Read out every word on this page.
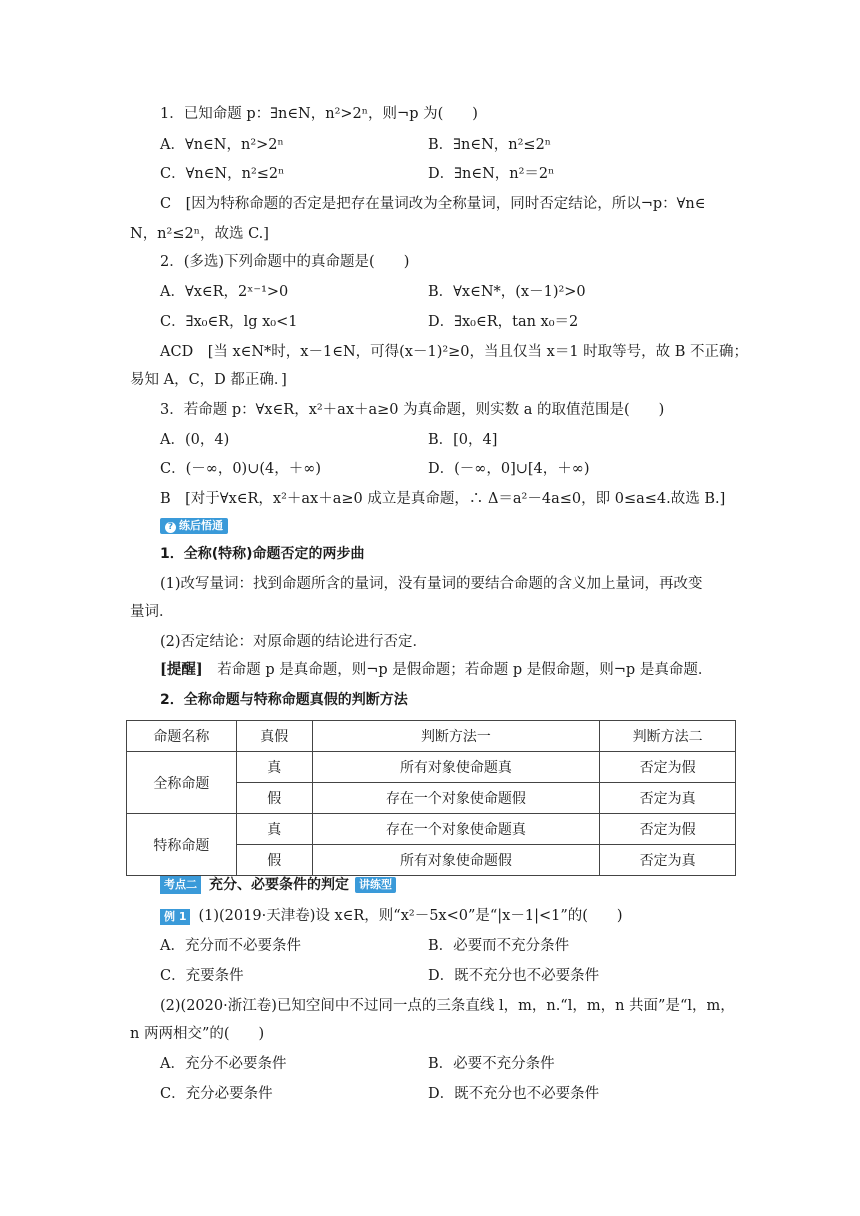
1．已知命题 p：∃n∈N，n²>2ⁿ，则¬p 为(　　)
A．∀n∈N，n²>2ⁿ	B．∃n∈N，n²≤2ⁿ
C．∀n∈N，n²≤2ⁿ	D．∃n∈N，n²＝2ⁿ
C　[因为特称命题的否定是把存在量词改为全称量词，同时否定结论，所以¬p：∀n∈
N，n²≤2ⁿ，故选 C.]
2．(多选)下列命题中的真命题是(　　)
A．∀x∈R，2ˣ⁻¹>0	B．∀x∈N*，(x－1)²>0
C．∃x₀∈R，lg x₀<1	D．∃x₀∈R，tan x₀＝2
ACD　[当 x∈N*时，x－1∈N，可得(x－1)²≥0，当且仅当 x＝1 时取等号，故 B 不正确；
易知 A，C，D 都正确．]
3．若命题 p：∀x∈R，x²＋ax＋a≥0 为真命题，则实数 a 的取值范围是(　　)
A．(0，4)	B．[0，4]
C．(－∞，0)∪(4，＋∞)	D．(－∞，0]∪[4，＋∞)
B　[对于∀x∈R，x²＋ax＋a≥0 成立是真命题，∴ Δ＝a²－4a≤0，即 0≤a≤4.故选 B.]
? 练后悟通
1．全称(特称)命题否定的两步曲
(1)改写量词：找到命题所含的量词，没有量词的要结合命题的含义加上量词，再改变
量词．
(2)否定结论：对原命题的结论进行否定．
[提醒]　若命题 p 是真命题，则¬p 是假命题；若命题 p 是假命题，则¬p 是真命题．
2．全称命题与特称命题真假的判断方法
命题名称	真假	判断方法一	判断方法二
全称命题	真	所有对象使命题真	否定为假
	假	存在一个对象使命题假	否定为真
特称命题	真	存在一个对象使命题真	否定为假
	假	所有对象使命题假	否定为真
考点二 充分、必要条件的判定 讲练型
例 1 (1)(2019·天津卷)设 x∈R，则“x²－5x<0”是“|x－1|<1”的(　　)
A．充分而不必要条件	B．必要而不充分条件
C．充要条件	D．既不充分也不必要条件
(2)(2020·浙江卷)已知空间中不过同一点的三条直线 l，m，n.“l，m，n 共面”是“l，m，
n 两两相交”的(　　)
A．充分不必要条件	B．必要不充分条件
C．充分必要条件	D．既不充分也不必要条件
